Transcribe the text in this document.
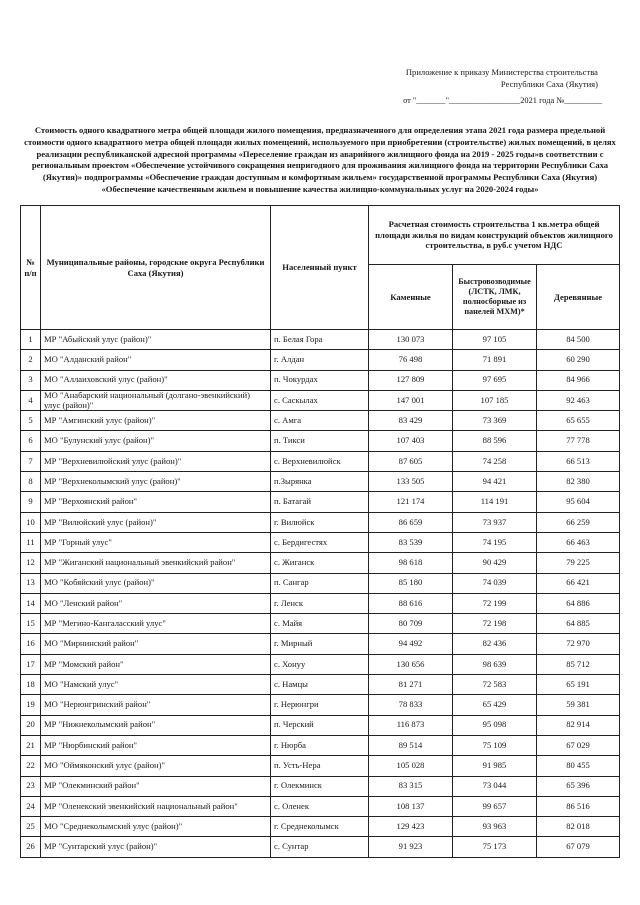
Приложение к приказу Министерства строительства
Республики Саха (Якутия)
от "_______"_________________2021 года №_________
Стоимость одного квадратного метра общей площади жилого помещения, предназначенного для определения этапа 2021 года размера предельной стоимости одного квадратного метра общей площади жилых помещений, используемого при приобретении (строительстве) жилых помещений, в целях реализации республиканской адресной программы «Переселение граждан из аварийного жилищного фонда на 2019 - 2025 годы»в соответствии с региональным проектом «Обеспечение устойчивого сокращения непригодного для проживания жилищного фонда на территории Республики Саха (Якутия)» подпрограммы «Обеспечение граждан доступным и комфортным жильем» государственной программы Республики Саха (Якутия) «Обеспечение качественным жильем и повышение качества жилищно-коммунальных услуг на 2020-2024 годы»
№ п/п	Муниципальные районы, городские округа Республики Саха (Якутия)	Населенный пункт	Расчетная стоимость строительства 1 кв.метра общей площади жилья по видам конструкций объектов жилищного строительства, в руб.с учетом НДС		
			Каменные	Быстровозводимые (ЛСТК, ЛМК, полносборные из панелей МХМ)*	Деревянные
1	МР "Абыйский улус (район)"	п. Белая Гора	130 073	97 105	84 500
2	МО "Алданский район"	г. Алдан	76 498	71 891	60 290
3	МО "Аллаиховский улус (район)"	п. Чокурдах	127 809	97 695	84 966
4	МО "Анабарский национальный (долгано-эвенкийский) улус (район)"	с. Саскылах	147 001	107 185	92 463
5	МР "Амгинский улус (район)"	с. Амга	83 429	73 369	65 655
6	МО "Булунский улус (район)"	п. Тикси	107 403	88 596	77 778
7	МР "Верхневилюйский улус (район)"	с. Верхневилюйск	87 605	74 258	66 513
8	МР "Верхнеколымский улус (район)"	п.Зырянка	133 505	94 421	82 380
9	МР "Верхоянский район"	п. Батагай	121 174	114 191	95 604
10	МР "Вилюйский улус (район)"	г. Вилюйск	86 659	73 937	66 259
11	МР "Горный улус"	с. Бердигестях	83 539	74 195	66 463
12	МР "Жиганский национальный эвенкийский район"	с. Жиганск	98 618	90 429	79 225
13	МО "Кобяйский улус (район)"	п. Сангар	85 180	74 039	66 421
14	МО "Ленский район"	г. Ленск	88 616	72 199	64 886
15	МР "Мегино-Кангаласский улус"	с. Майя	80 709	72 198	64 885
16	МО "Мирнинский район"	г. Мирный	94 492	82 436	72 970
17	МР "Момский район"	с. Хонуу	130 656	98 639	85 712
18	МО "Намский улус"	с. Намцы	81 271	72 583	65 191
19	МО "Нерюнгринский район"	г. Нерюнгри	78 833	65 429	59 381
20	МР "Нижнеколымский район"	п. Черский	116 873	95 098	82 914
21	МР "Нюрбинский район"	г. Нюрба	89 514	75 109	67 029
22	МО "Оймяконский улус (район)"	п. Усть-Нера	105 028	91 985	80 455
23	МР "Олекминский район"	г. Олекминск	83 315	73 044	65 396
24	МР "Оленекский эвенкийский национальный район"	с. Оленек	108 137	99 657	86 516
25	МО "Среднеколымский улус (район)"	г. Среднеколымск	129 423	93 963	82 018
26	МР "Сунтарский улус (район)"	с. Сунтар	91 923	75 173	67 079
